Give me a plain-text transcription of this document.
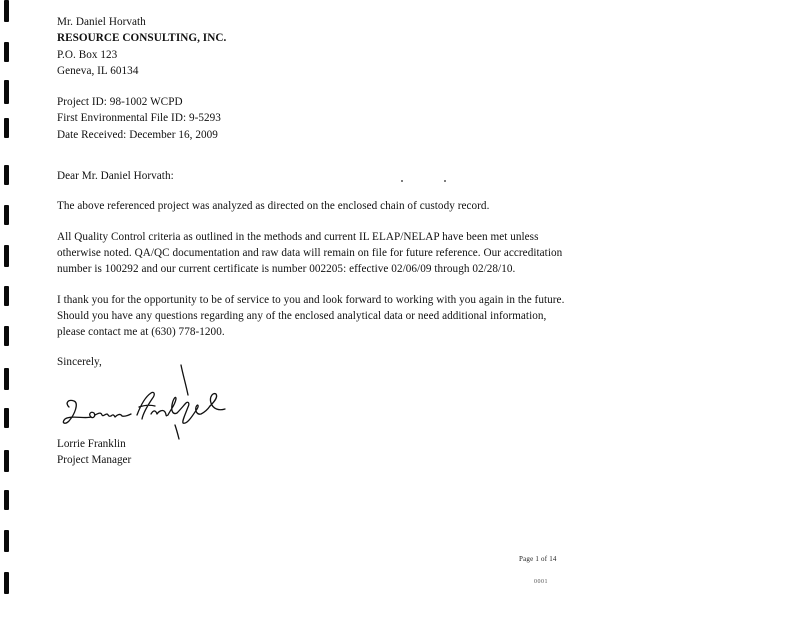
Mr. Daniel Horvath
RESOURCE CONSULTING, INC.
P.O. Box 123
Geneva, IL 60134
Project ID: 98-1002 WCPD
First Environmental File ID: 9-5293
Date Received: December 16, 2009
Dear Mr. Daniel Horvath:
The above referenced project was analyzed as directed on the enclosed chain of custody record.
All Quality Control criteria as outlined in the methods and current IL ELAP/NELAP have been met unless otherwise noted. QA/QC documentation and raw data will remain on file for future reference. Our accreditation number is 100292 and our current certificate is number 002205: effective 02/06/09 through 02/28/10.
I thank you for the opportunity to be of service to you and look forward to working with you again in the future. Should you have any questions regarding any of the enclosed analytical data or need additional information, please contact me at (630) 778-1200.
Sincerely,
Lorrie Franklin
Project Manager
Page 1 of 14
0001
